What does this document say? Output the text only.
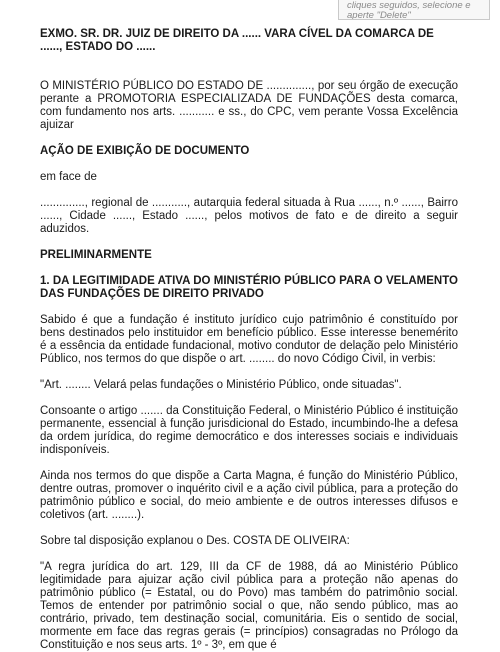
cliques seguidos, selecione e aperte "Delete"

EXMO. SR. DR. JUIZ DE DIREITO DA ...... VARA CÍVEL DA COMARCA DE ......, ESTADO DO ......

O MINISTÉRIO PÚBLICO DO ESTADO DE .............., por seu órgão de execução perante a PROMOTORIA ESPECIALIZADA DE FUNDAÇÕES desta comarca, com fundamento nos arts. ........... e ss., do CPC, vem perante Vossa Excelência ajuizar

AÇÃO DE EXIBIÇÃO DE DOCUMENTO

em face de

.............., regional de ..........., autarquia federal situada à Rua ......, n.º ......, Bairro ......, Cidade ......, Estado ......, pelos motivos de fato e de direito a seguir aduzidos.

PRELIMINARMENTE

1. DA LEGITIMIDADE ATIVA DO MINISTÉRIO PÚBLICO PARA O VELAMENTO DAS FUNDAÇÕES DE DIREITO PRIVADO

Sabido é que a fundação é instituto jurídico cujo patrimônio é constituído por bens destinados pelo instituidor em benefício público. Esse interesse benemérito é a essência da entidade fundacional, motivo condutor de delação pelo Ministério Público, nos termos do que dispõe o art. ........ do novo Código Civil, in verbis:

"Art. ........ Velará pelas fundações o Ministério Público, onde situadas".

Consoante o artigo ....... da Constituição Federal, o Ministério Público é instituição permanente, essencial à função jurisdicional do Estado, incumbindo-lhe a defesa da ordem jurídica, do regime democrático e dos interesses sociais e individuais indisponíveis.

Ainda nos termos do que dispõe a Carta Magna, é função do Ministério Público, dentre outras, promover o inquérito civil e a ação civil pública, para a proteção do patrimônio público e social, do meio ambiente e de outros interesses difusos e coletivos (art. ........).

Sobre tal disposição explanou o Des. COSTA DE OLIVEIRA:

"A regra jurídica do art. 129, III da CF de 1988, dá ao Ministério Público legitimidade para ajuizar ação civil pública para a proteção não apenas do patrimônio público (= Estatal, ou do Povo) mas também do patrimônio social. Temos de entender por patrimônio social o que, não sendo público, mas ao contrário, privado, tem destinação social, comunitária. Eis o sentido de social, mormente em face das regras gerais (= princípios) consagradas no Prólogo da Constituição e nos seus arts. 1º - 3º, em que é
